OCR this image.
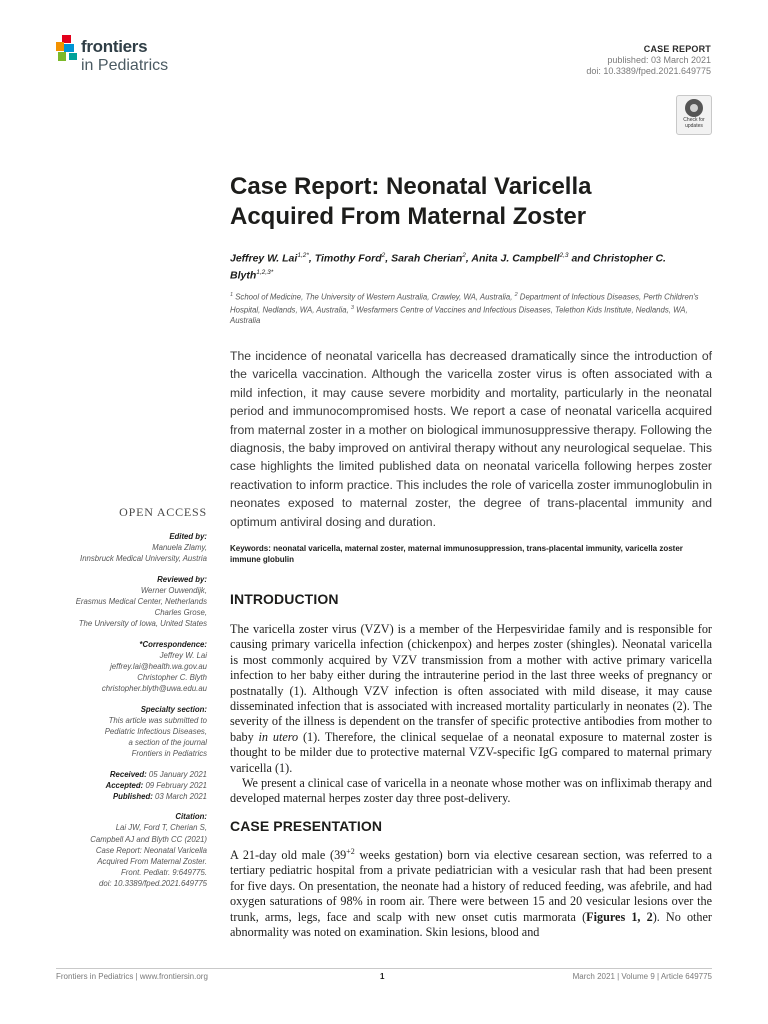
frontiers
in Pediatrics
CASE REPORT
published: 03 March 2021
doi: 10.3389/fped.2021.649775
Check for updates
Case Report: Neonatal Varicella Acquired From Maternal Zoster
Jeffrey W. Lai$^{1,2*}$, Timothy Ford$^2$, Sarah Cherian$^2$, Anita J. Campbell$^{2,3}$ and Christopher C. Blyth$^{1,2,3*}$
$^1$ School of Medicine, The University of Western Australia, Crawley, WA, Australia, $^2$ Department of Infectious Diseases, Perth Children's Hospital, Nedlands, WA, Australia, $^3$ Wesfarmers Centre of Vaccines and Infectious Diseases, Telethon Kids Institute, Nedlands, WA, Australia
The incidence of neonatal varicella has decreased dramatically since the introduction of the varicella vaccination. Although the varicella zoster virus is often associated with a mild infection, it may cause severe morbidity and mortality, particularly in the neonatal period and immunocompromised hosts. We report a case of neonatal varicella acquired from maternal zoster in a mother on biological immunosuppressive therapy. Following the diagnosis, the baby improved on antiviral therapy without any neurological sequelae. This case highlights the limited published data on neonatal varicella following herpes zoster reactivation to inform practice. This includes the role of varicella zoster immunoglobulin in neonates exposed to maternal zoster, the degree of trans-placental immunity and optimum antiviral dosing and duration.
Keywords: neonatal varicella, maternal zoster, maternal immunosuppression, trans-placental immunity, varicella zoster immune globulin
OPEN ACCESS
Edited by:
Manuela Zlamy,
Innsbruck Medical University, Austria
Reviewed by:
Werner Ouwendijk,
Erasmus Medical Center, Netherlands
Charles Grose,
The University of Iowa, United States
*Correspondence:
Jeffrey W. Lai
jeffrey.lai@health.wa.gov.au
Christopher C. Blyth
christopher.blyth@uwa.edu.au
Specialty section:
This article was submitted to
Pediatric Infectious Diseases,
a section of the journal
Frontiers in Pediatrics
Received: 05 January 2021
Accepted: 09 February 2021
Published: 03 March 2021
Citation:
Lai JW, Ford T, Cherian S,
Campbell AJ and Blyth CC (2021)
Case Report: Neonatal Varicella
Acquired From Maternal Zoster.
Front. Pediatr. 9:649775.
doi: 10.3389/fped.2021.649775
INTRODUCTION

The varicella zoster virus (VZV) is a member of the Herpesviridae family and is responsible for causing primary varicella infection (chickenpox) and herpes zoster (shingles). Neonatal varicella is most commonly acquired by VZV transmission from a mother with active primary varicella infection to her baby either during the intrauterine period in the last three weeks of pregnancy or postnatally (1). Although VZV infection is often associated with mild disease, it may cause disseminated infection that is associated with increased mortality particularly in neonates (2). The severity of the illness is dependent on the transfer of specific protective antibodies from mother to baby in utero (1). Therefore, the clinical sequelae of a neonatal exposure to maternal zoster is thought to be milder due to protective maternal VZV-specific IgG compared to maternal primary varicella (1).

We present a clinical case of varicella in a neonate whose mother was on infliximab therapy and developed maternal herpes zoster day three post-delivery.

CASE PRESENTATION

A 21-day old male ($39^{+2}$ weeks gestation) born via elective cesarean section, was referred to a tertiary pediatric hospital from a private pediatrician with a vesicular rash that had been present for five days. On presentation, the neonate had a history of reduced feeding, was afebrile, and had oxygen saturations of 98% in room air. There were between 15 and 20 vesicular lesions over the trunk, arms, legs, face and scalp with new onset cutis marmorata (Figures 1, 2). No other abnormality was noted on examination. Skin lesions, blood and

Frontiers in Pediatrics | www.frontiersin.org	1	March 2021 | Volume 9 | Article 649775
